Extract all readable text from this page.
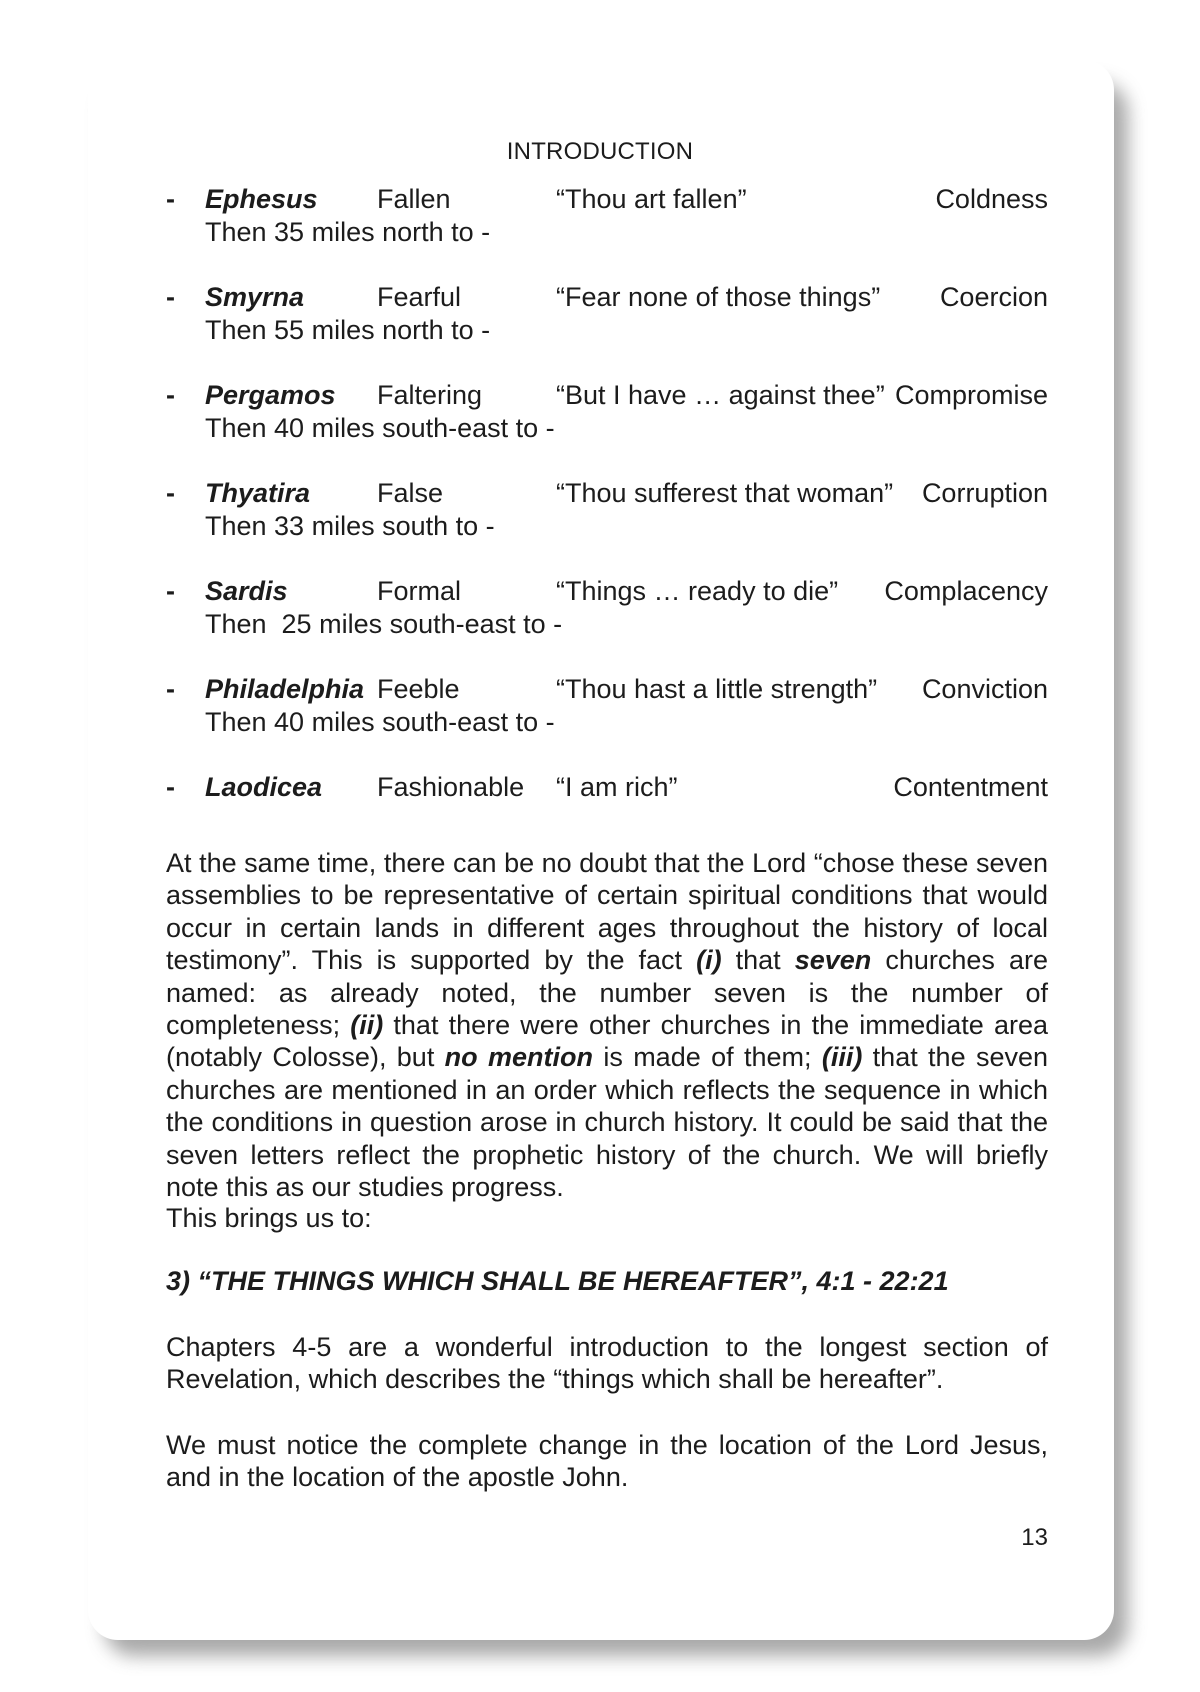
INTRODUCTION
- Ephesus Fallen	“Thou art fallen”	Coldness
Then 35 miles north to -
- Smyrna	Fearful	“Fear none of those things” Coercion
Then 55 miles north to -
- Pergamos Faltering	“But I have … against thee” Compromise
Then 40 miles south-east to -
- Thyatira False	“Thou sufferest that woman” Corruption
Then 33 miles south to -
- Sardis	Formal	“Things … ready to die” Complacency
Then  25 miles south-east to -
- Philadelphia Feeble	“Thou hast a little strength” Conviction
Then 40 miles south-east to -
- Laodicea Fashionable “I am rich”	Contentment
At the same time, there can be no doubt that the Lord “chose these seven assemblies to be representative of certain spiritual conditions that would occur in certain lands in different ages throughout the history of local testimony”. This is supported by the fact (i) that seven churches are named: as already noted, the number seven is the number of completeness; (ii) that there were other churches in the immediate area (notably Colosse), but no mention is made of them; (iii) that the seven churches are mentioned in an order which reflects the sequence in which the conditions in question arose in church history. It could be said that the seven letters reflect the prophetic history of the church. We will briefly note this as our studies progress.
This brings us to:
3) “THE THINGS WHICH SHALL BE HEREAFTER”, 4:1 - 22:21
Chapters 4-5 are a wonderful introduction to the longest section of Revelation, which describes the “things which shall be hereafter”.
We must notice the complete change in the location of the Lord Jesus, and in the location of the apostle John.
13
